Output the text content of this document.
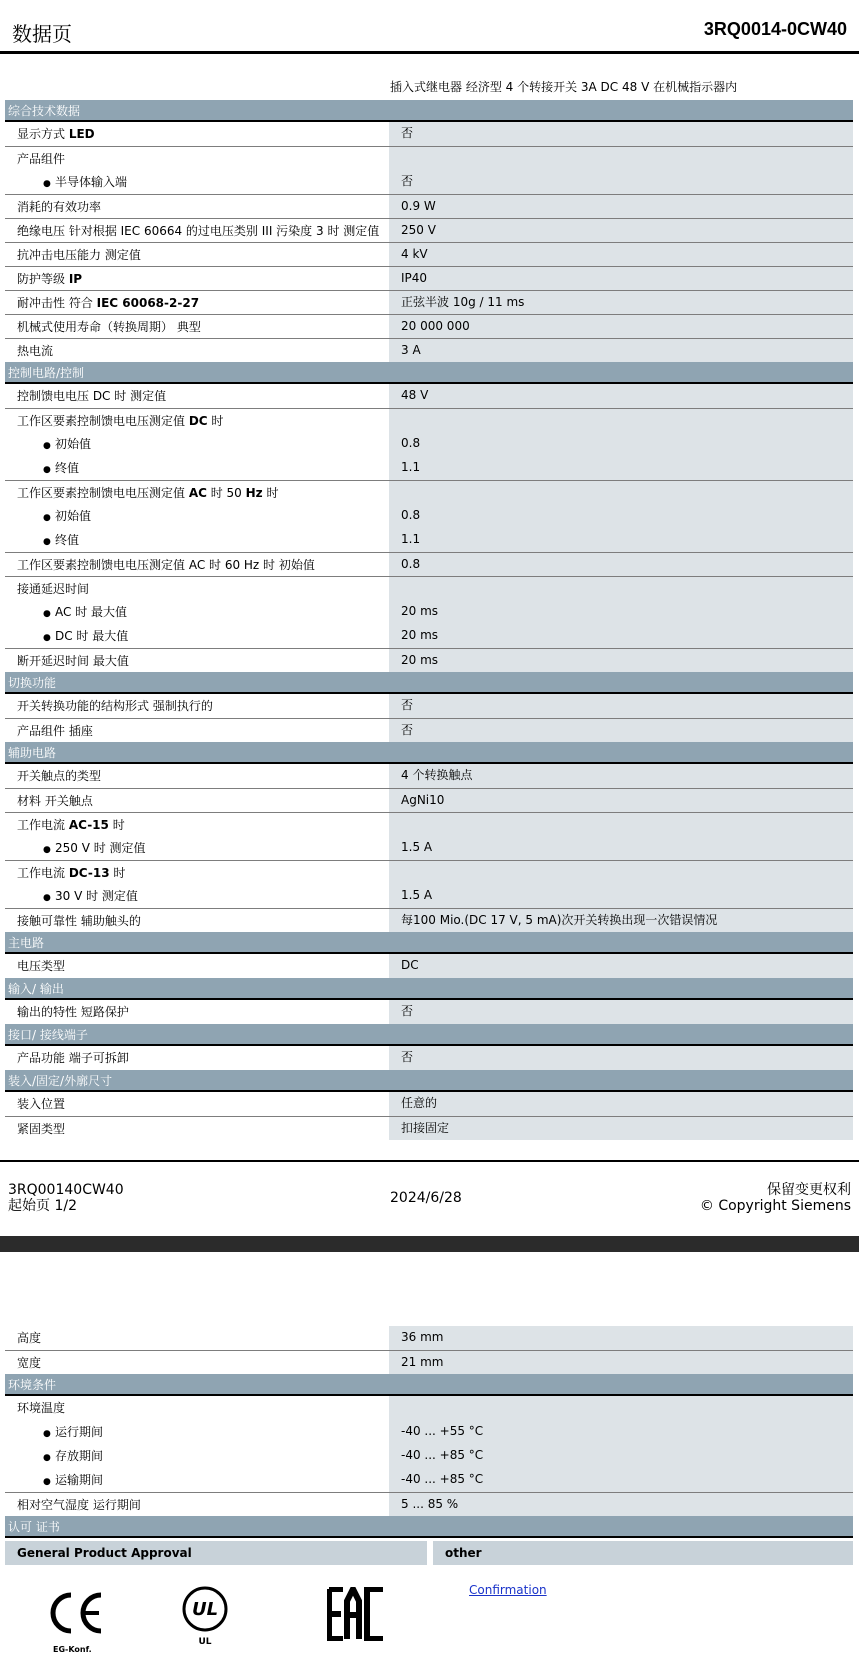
数据页	3RQ0014-0CW40
插入式继电器 经济型 4 个转接开关 3A DC 48 V 在机械指示器内
综合技术数据
显示方式 LED	否
产品组件
● 半导体输入端	否
消耗的有效功率	0.9 W
绝缘电压 针对根据 IEC 60664 的过电压类别 III 污染度 3 时 测定值	250 V
抗冲击电压能力 测定值	4 kV
防护等级 IP	IP40
耐冲击性 符合 IEC 60068-2-27	正弦半波 10g / 11 ms
机械式使用寿命（转换周期） 典型	20 000 000
热电流	3 A
控制电路/控制
控制馈电电压 DC 时 测定值	48 V
工作区要素控制馈电电压测定值 DC 时
● 初始值	0.8
● 终值	1.1
工作区要素控制馈电电压测定值 AC 时 50 Hz 时
● 初始值	0.8
● 终值	1.1
工作区要素控制馈电电压测定值 AC 时 60 Hz 时 初始值	0.8
接通延迟时间
● AC 时 最大值	20 ms
● DC 时 最大值	20 ms
断开延迟时间 最大值	20 ms
切换功能
开关转换功能的结构形式 强制执行的	否
产品组件 插座	否
辅助电路
开关触点的类型	4 个转换触点
材料 开关触点	AgNi10
工作电流 AC-15 时
● 250 V 时 测定值	1.5 A
工作电流 DC-13 时
● 30 V 时 测定值	1.5 A
接触可靠性 辅助触头的	每100 Mio.(DC 17 V, 5 mA)次开关转换出现一次错误情况
主电路
电压类型	DC
输入/ 输出
输出的特性 短路保护	否
接口/ 接线端子
产品功能 端子可拆卸	否
装入/固定/外廓尺寸
装入位置	任意的
紧固类型	扣接固定
3RQ00140CW40
起始页 1/2	2024/6/28	保留变更权利
© Copyright Siemens
高度	36 mm
宽度	21 mm
环境条件
环境温度
● 运行期间	-40 ... +55 °C
● 存放期间	-40 ... +85 °C
● 运输期间	-40 ... +85 °C
相对空气湿度 运行期间	5 ... 85 %
认可 证书
General Product Approval	other
EG-Konf.
UL
UL
Confirmation
